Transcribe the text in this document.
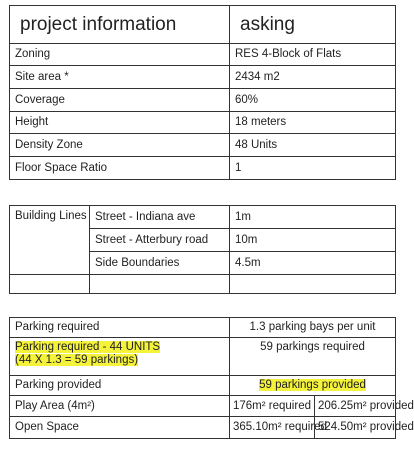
project information	asking
Zoning	RES 4-Block of Flats
Site area *	2434 m2
Coverage	60%
Height	18 meters
Density Zone	48 Units
Floor Space Ratio	1
Building Lines	Street - Indiana ave	1m
	Street - Atterbury road	10m
	Side Boundaries	4.5m

Parking required	1.3 parking bays per unit	
Parking required - 44 UNITS
(44 X 1.3 = 59 parkings)	59 parkings required	
Parking provided	59 parkings provided	
Play Area (4m²)	176m² required	206.25m² provided
Open Space	365.10m² required	524.50m² provided
